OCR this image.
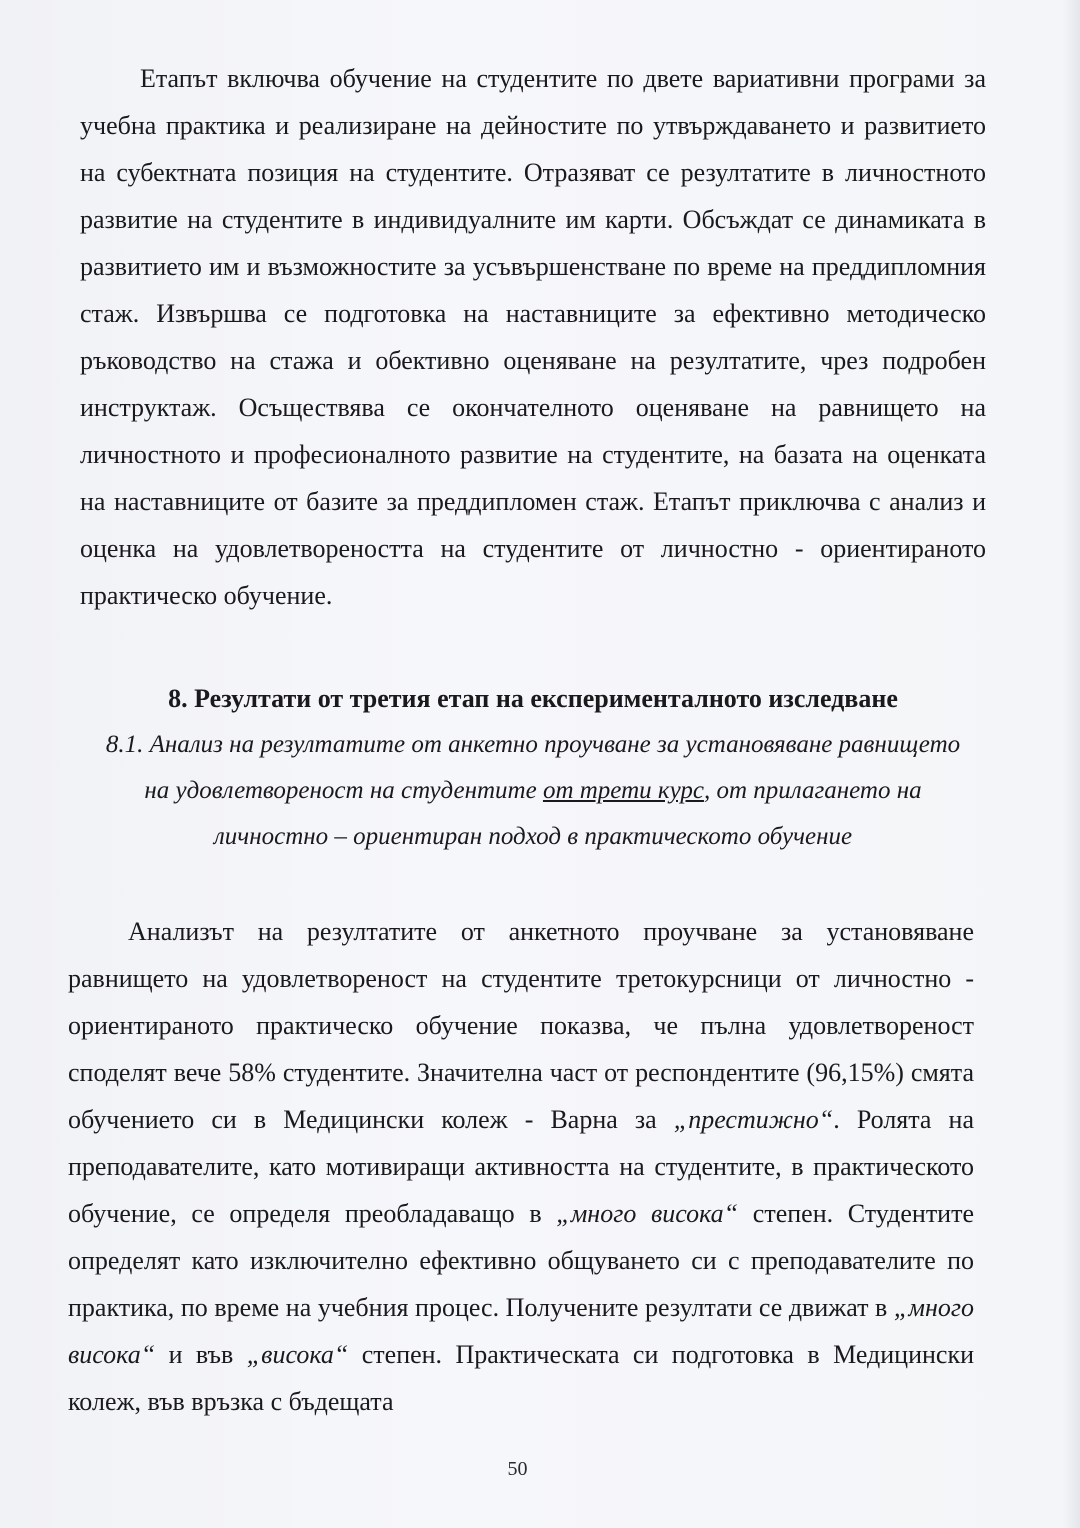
Етапът включва обучение на студентите по двете вариативни програми за учебна практика и реализиране на дейностите по утвърждаването и развитието на субектната позиция на студентите. Отразяват се резултатите в личностното развитие на студентите в индивидуалните им карти. Обсъждат се динамиката в развитието им и възможностите за усъвършенстване по време на преддипломния стаж. Извършва се подготовка на наставниците за ефективно методическо ръководство на стажа и обективно оценяване на резултатите, чрез подробен инструктаж. Осъществява се окончателното оценяване на равнището на личностното и професионалното развитие на студентите, на базата на оценката на наставниците от базите за преддипломен стаж. Етапът приключва с анализ и оценка на удовлетвореността на студентите от личностно - ориентираното практическо обучение.

8. Резултати от третия етап на експерименталното изследване

8.1. Анализ на резултатите от анкетно проучване за установяване равнището на удовлетвореност на студентите от трети курс, от прилагането на личностно – ориентиран подход в практическото обучение

Анализът на резултатите от анкетното проучване за установяване равнището на удовлетвореност на студентите третокурсници от личностно - ориентираното практическо обучение показва, че пълна удовлетвореност споделят вече 58% студентите. Значителна част от респондентите (96,15%) смята обучението си в Медицински колеж - Варна за „престижно“. Ролята на преподавателите, като мотивиращи активността на студентите, в практическото обучение, се определя преобладаващо в „много висока“ степен. Студентите определят като изключително ефективно общуването си с преподавателите по практика, по време на учебния процес. Получените резултати се движат в „много висока“ и във „висока“ степен. Практическата си подготовка в Медицински колеж, във връзка с бъдещата

50
